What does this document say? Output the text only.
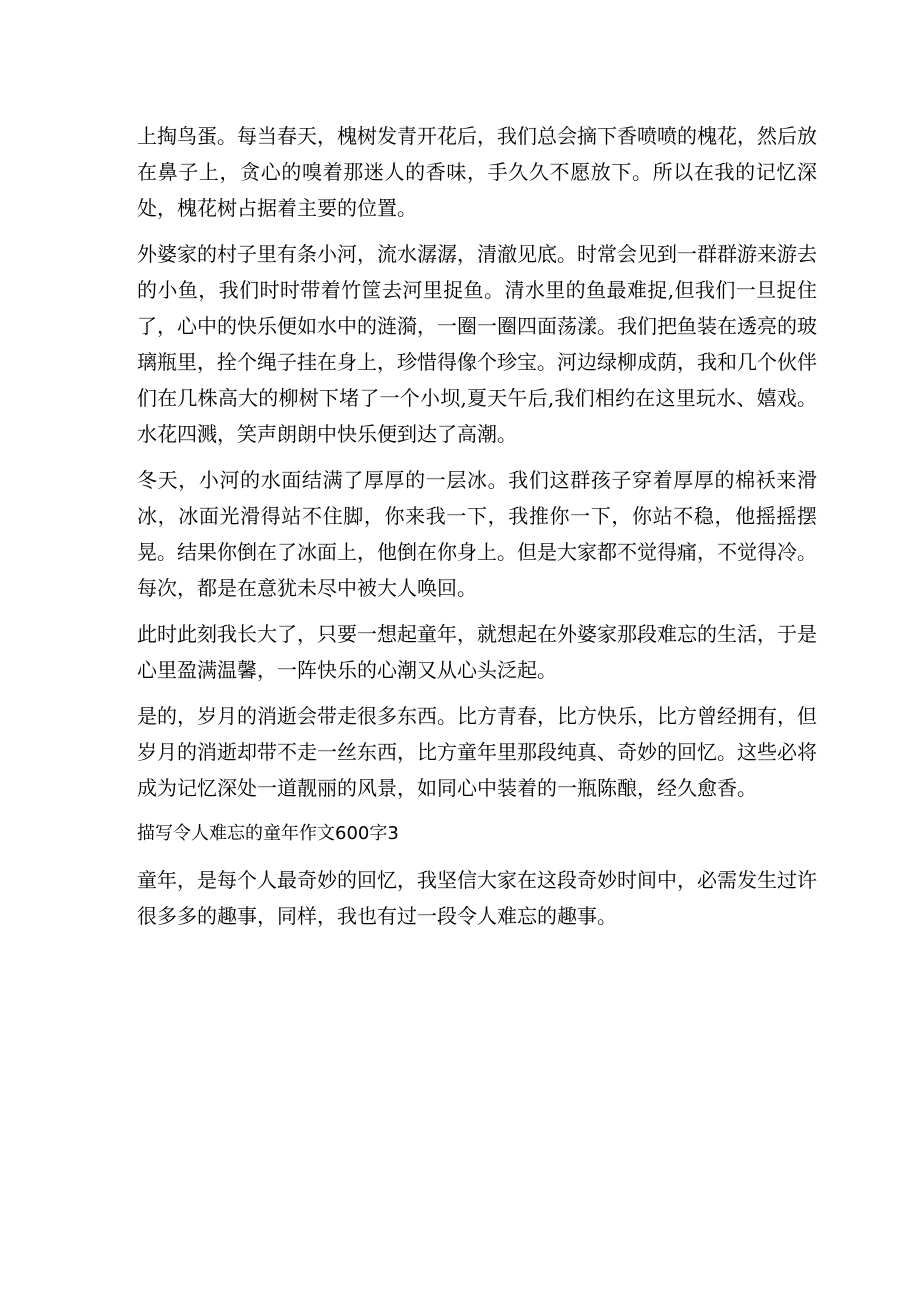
上掏鸟蛋。每当春天，槐树发青开花后，我们总会摘下香喷喷的槐花，然后放在鼻子上，贪心的嗅着那迷人的香味，手久久不愿放下。所以在我的记忆深处，槐花树占据着主要的位置。

外婆家的村子里有条小河，流水潺潺，清澈见底。时常会见到一群群游来游去的小鱼，我们时时带着竹筐去河里捉鱼。清水里的鱼最难捉,但我们一旦捉住了，心中的快乐便如水中的涟漪，一圈一圈四面荡漾。我们把鱼装在透亮的玻璃瓶里，拴个绳子挂在身上，珍惜得像个珍宝。河边绿柳成荫，我和几个伙伴们在几株高大的柳树下堵了一个小坝,夏天午后,我们相约在这里玩水、嬉戏。水花四溅，笑声朗朗中快乐便到达了高潮。

冬天，小河的水面结满了厚厚的一层冰。我们这群孩子穿着厚厚的棉袄来滑冰，冰面光滑得站不住脚，你来我一下，我推你一下，你站不稳，他摇摇摆晃。结果你倒在了冰面上，他倒在你身上。但是大家都不觉得痛，不觉得冷。每次，都是在意犹未尽中被大人唤回。

此时此刻我长大了，只要一想起童年，就想起在外婆家那段难忘的生活，于是心里盈满温馨，一阵快乐的心潮又从心头泛起。

是的，岁月的消逝会带走很多东西。比方青春，比方快乐，比方曾经拥有，但岁月的消逝却带不走一丝东西，比方童年里那段纯真、奇妙的回忆。这些必将成为记忆深处一道靓丽的风景，如同心中装着的一瓶陈酿，经久愈香。

描写令人难忘的童年作文600字3

童年，是每个人最奇妙的回忆，我坚信大家在这段奇妙时间中，必需发生过许很多多的趣事，同样，我也有过一段令人难忘的趣事。
